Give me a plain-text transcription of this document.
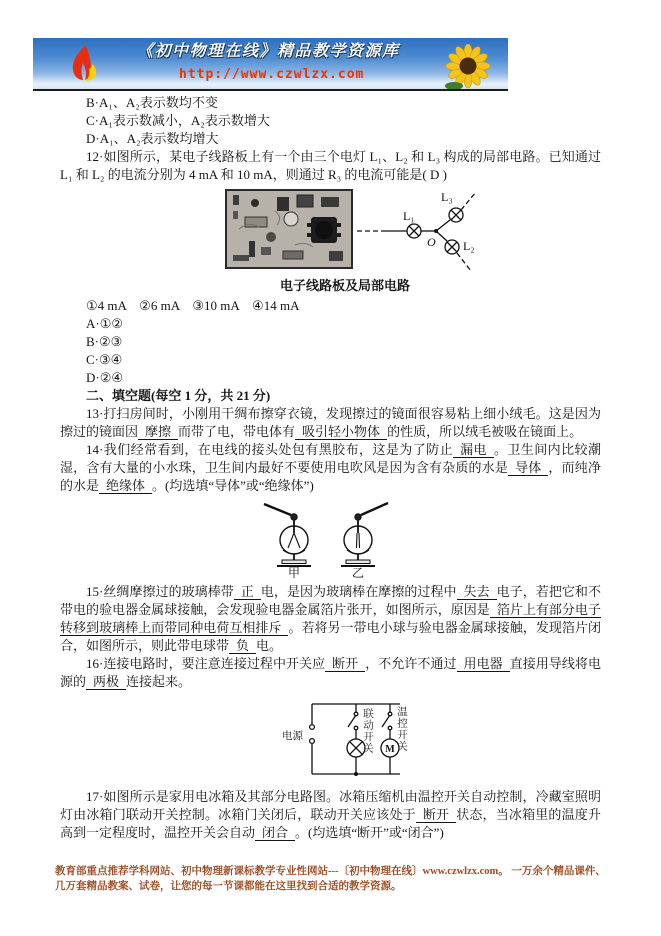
《初中物理在线》精品教学资源库
http://www.czwlzx.com

B·A₁、A₂表示数均不变

C·A₁表示数减小，A₂表示数增大

D·A₁、A₂表示数均增大

12·如图所示，某电子线路板上有一个由三个电灯 L₁、L₂ 和 L₃ 构成的局部电路。已知通过 L₁ 和 L₂ 的电流分别为 4 mA 和 10 mA，则通过 R₃ 的电流可能是( D )

L₁
L₃
L₂
O
电子线路板及局部电路

①4 mA　②6 mA　③10 mA　④14 mA

A·①②

B·②③

C·③④

D·②④

二、填空题(每空 1 分，共 21 分)

13·打扫房间时，小刚用干绸布擦穿衣镜，发现擦过的镜面很容易粘上细小绒毛。这是因为擦过的镜面因 摩擦 而带了电，带电体有 吸引轻小物体 的性质，所以绒毛被吸在镜面上。

14·我们经常看到，在电线的接头处包有黑胶布，这是为了防止 漏电 。卫生间内比较潮湿，含有大量的小水珠，卫生间内最好不要使用电吹风是因为含有杂质的水是 导体 ，而纯净的水是 绝缘体 。(均选填“导体”或“绝缘体”)

甲	乙

15·丝绸摩擦过的玻璃棒带 正 电，是因为玻璃棒在摩擦的过程中 失去 电子，若把它和不带电的验电器金属球接触，会发现验电器金属箔片张开，如图所示，原因是 箔片上有部分电子转移到玻璃棒上而带同种电荷互相排斥 。若将另一带电小球与验电器金属球接触，发现箔片闭合，如图所示，则此带电球带 负 电。

16·连接电路时，要注意连接过程中开关应 断开 ，不允许不通过 用电器 直接用导线将电源的 两极 连接起来。

电源	联动开关 温控开关
M

17·如图所示是家用电冰箱及其部分电路图。冰箱压缩机由温控开关自动控制，冷藏室照明灯由冰箱门联动开关控制。冰箱门关闭后，联动开关应该处于 断开 状态，当冰箱里的温度升高到一定程度时，温控开关会自动 闭合 。(均选填“断开”或“闭合”)

教育部重点推荐学科网站、初中物理新课标教学专业性网站---〔初中物理在线〕www.czwlzx.com。 一万余个精品课件、
几万套精品教案、试卷，让您的每一节课都能在这里找到合适的教学资源。
